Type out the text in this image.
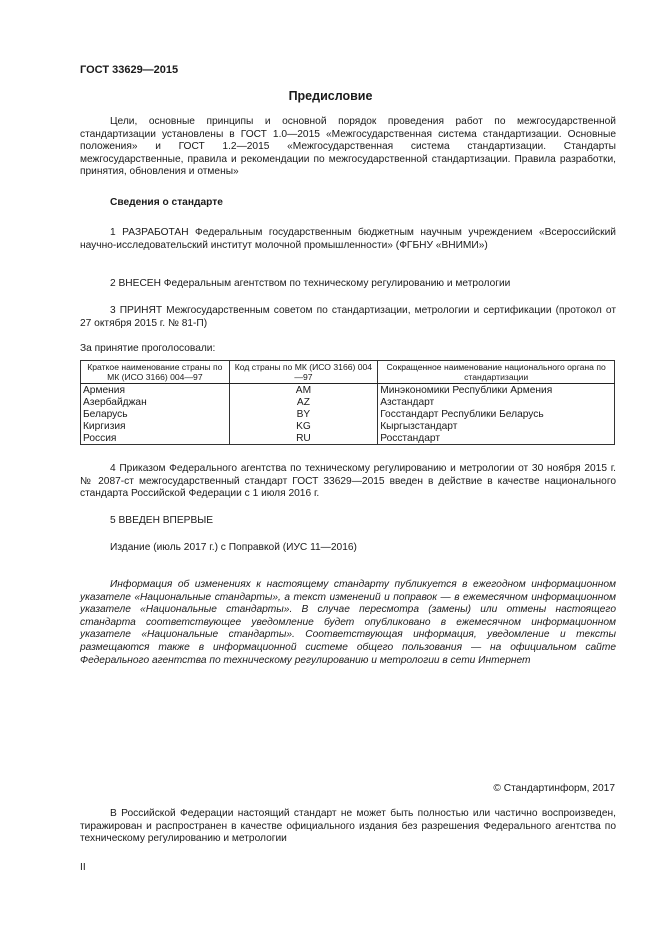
ГОСТ 33629—2015
Предисловие
Цели, основные принципы и основной порядок проведения работ по межгосударственной стандартизации установлены в ГОСТ 1.0—2015 «Межгосударственная система стандартизации. Основные положения» и ГОСТ 1.2—2015 «Межгосударственная система стандартизации. Стандарты межгосударственные, правила и рекомендации по межгосударственной стандартизации. Правила разработки, принятия, обновления и отмены»
Сведения о стандарте
1 РАЗРАБОТАН Федеральным государственным бюджетным научным учреждением «Всероссийский научно-исследовательский институт молочной промышленности» (ФГБНУ «ВНИМИ»)
2 ВНЕСЕН Федеральным агентством по техническому регулированию и метрологии
3 ПРИНЯТ Межгосударственным советом по стандартизации, метрологии и сертификации (протокол от 27 октября 2015 г. № 81-П)
За принятие проголосовали:
Краткое наименование страны по МК (ИСО 3166) 004—97	Код страны по МК (ИСО 3166) 004—97	Сокращенное наименование национального органа по стандартизации
Армения	AM	Минэкономики Республики Армения
Азербайджан	AZ	Азстандарт
Беларусь	BY	Госстандарт Республики Беларусь
Киргизия	KG	Кыргызстандарт
Россия	RU	Росстандарт
4 Приказом Федерального агентства по техническому регулированию и метрологии от 30 ноября 2015 г. № 2087-ст межгосударственный стандарт ГОСТ 33629—2015 введен в действие в качестве национального стандарта Российской Федерации с 1 июля 2016 г.
5 ВВЕДЕН ВПЕРВЫЕ
Издание (июль 2017 г.) с Поправкой (ИУС 11—2016)
Информация об изменениях к настоящему стандарту публикуется в ежегодном информационном указателе «Национальные стандарты», а текст изменений и поправок — в ежемесячном информационном указателе «Национальные стандарты». В случае пересмотра (замены) или отмены настоящего стандарта соответствующее уведомление будет опубликовано в ежемесячном информационном указателе «Национальные стандарты». Соответствующая информация, уведомление и тексты размещаются также в информационной системе общего пользования — на официальном сайте Федерального агентства по техническому регулированию и метрологии в сети Интернет
© Стандартинформ, 2017
В Российской Федерации настоящий стандарт не может быть полностью или частично воспроизведен, тиражирован и распространен в качестве официального издания без разрешения Федерального агентства по техническому регулированию и метрологии
II
